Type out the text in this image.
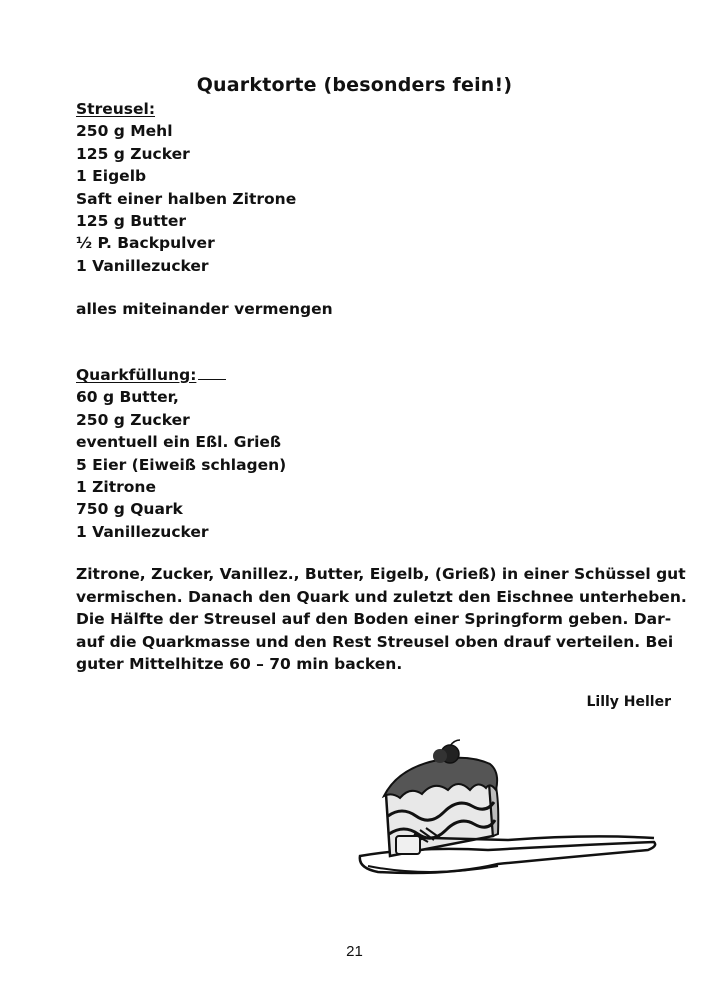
Quarktorte (besonders fein!)
Streusel:
250 g Mehl
125 g Zucker
1 Eigelb
Saft einer halben Zitrone
125 g Butter
½ P. Backpulver
1 Vanillezucker
alles miteinander vermengen
Quarkfüllung:
60 g Butter,
250 g Zucker
eventuell ein Eßl. Grieß
5 Eier (Eiweiß schlagen)
1 Zitrone
750 g Quark
1 Vanillezucker
Zitrone, Zucker, Vanillez., Butter, Eigelb, (Grieß) in einer Schüssel gut
vermischen. Danach den Quark und zuletzt den Eischnee unterheben.
Die Hälfte der Streusel auf den Boden einer Springform geben. Dar-
auf die Quarkmasse und den Rest Streusel oben drauf verteilen. Bei
guter Mittelhitze 60 – 70 min backen.
Lilly Heller
21
